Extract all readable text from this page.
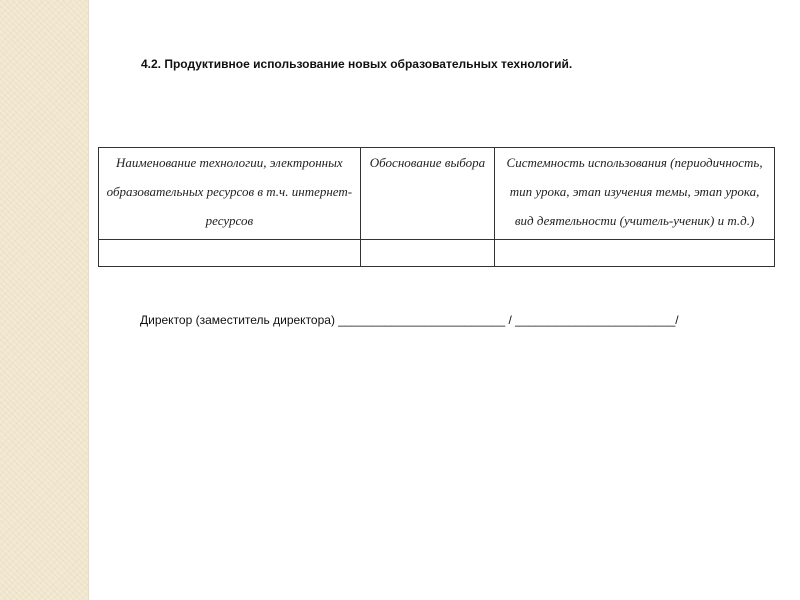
4.2. Продуктивное использование новых образовательных технологий.
Наименование технологии, электронных образовательных ресурсов в т.ч. интернет-ресурсов	Обоснование выбора	Системность использования (периодичность, тип урока, этап изучения темы, этап урока, вид деятельности (учитель-ученик) и т.д.)

Директор (заместитель директора) _________________________ / ________________________/
